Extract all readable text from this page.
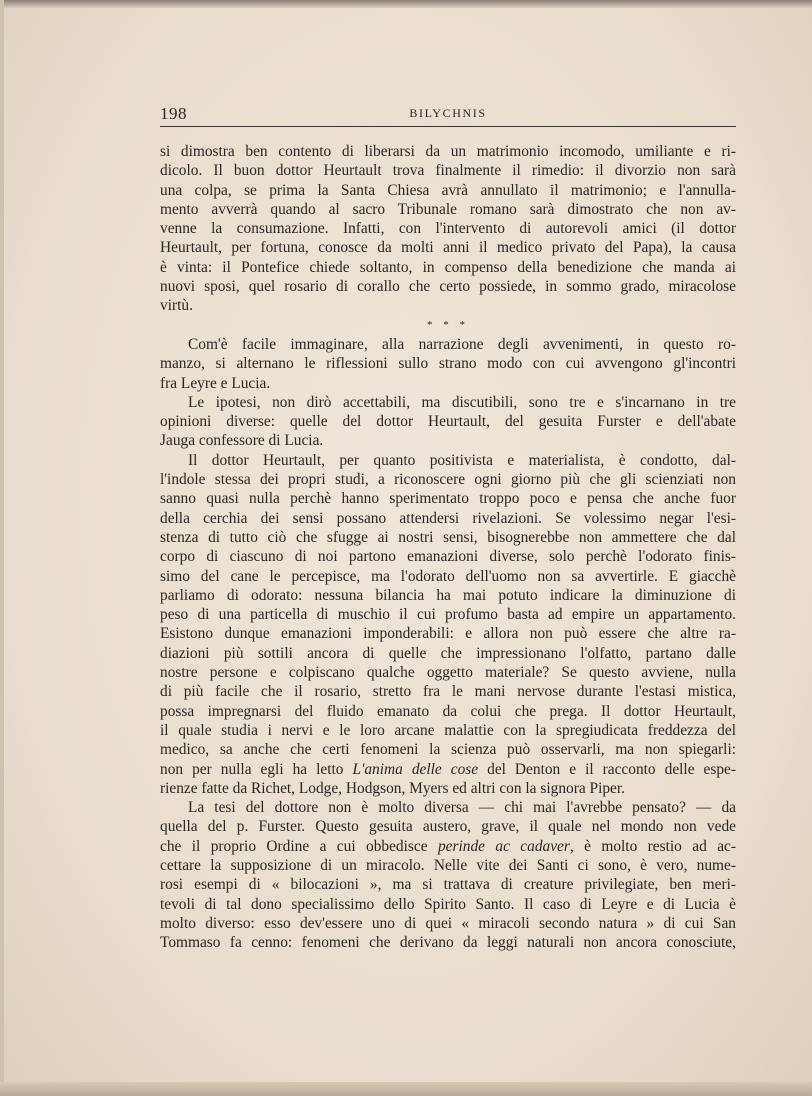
198	BILYCHNIS
si dimostra ben contento di liberarsi da un matrimonio incomodo, umiliante e ri-
dicolo. Il buon dottor Heurtault trova finalmente il rimedio: il divorzio non sarà
una colpa, se prima la Santa Chiesa avrà annullato il matrimonio; e l'annulla-
mento avverrà quando al sacro Tribunale romano sarà dimostrato che non av-
venne la consumazione. Infatti, con l'intervento di autorevoli amici (il dottor
Heurtault, per fortuna, conosce da molti anni il medico privato del Papa), la causa
è vinta: il Pontefice chiede soltanto, in compenso della benedizione che manda ai
nuovi sposi, quel rosario di corallo che certo possiede, in sommo grado, miracolose
virtù.
* * *
Com'è facile immaginare, alla narrazione degli avvenimenti, in questo ro-
manzo, si alternano le riflessioni sullo strano modo con cui avvengono gl'incontri
fra Leyre e Lucia.
Le ipotesi, non dirò accettabili, ma discutibili, sono tre e s'incarnano in tre
opinioni diverse: quelle del dottor Heurtault, del gesuita Furster e dell'abate
Jauga confessore di Lucia.
Il dottor Heurtault, per quanto positivista e materialista, è condotto, dal-
l'indole stessa dei propri studi, a riconoscere ogni giorno più che gli scienziati non
sanno quasi nulla perchè hanno sperimentato troppo poco e pensa che anche fuor
della cerchia dei sensi possano attendersi rivelazioni. Se volessimo negar l'esi-
stenza di tutto ciò che sfugge ai nostri sensi, bisognerebbe non ammettere che dal
corpo di ciascuno di noi partono emanazioni diverse, solo perchè l'odorato finis-
simo del cane le percepisce, ma l'odorato dell'uomo non sa avvertirle. E giacchè
parliamo di odorato: nessuna bilancia ha mai potuto indicare la diminuzione di
peso di una particella di muschio il cui profumo basta ad empire un appartamento.
Esistono dunque emanazioni imponderabili: e allora non può essere che altre ra-
diazioni più sottili ancora di quelle che impressionano l'olfatto, partano dalle
nostre persone e colpiscano qualche oggetto materiale? Se questo avviene, nulla
di più facile che il rosario, stretto fra le mani nervose durante l'estasi mistica,
possa impregnarsi del fluido emanato da colui che prega. Il dottor Heurtault,
il quale studia i nervi e le loro arcane malattie con la spregiudicata freddezza del
medico, sa anche che certi fenomeni la scienza può osservarli, ma non spiegarli:
non per nulla egli ha letto L'anima delle cose del Denton e il racconto delle espe-
rienze fatte da Richet, Lodge, Hodgson, Myers ed altri con la signora Piper.
La tesi del dottore non è molto diversa — chi mai l'avrebbe pensato? — da
quella del p. Furster. Questo gesuita austero, grave, il quale nel mondo non vede
che il proprio Ordine a cui obbedisce perinde ac cadaver, è molto restio ad ac-
cettare la supposizione di un miracolo. Nelle vite dei Santi ci sono, è vero, nume-
rosi esempi di « bilocazioni », ma si trattava di creature privilegiate, ben meri-
tevoli di tal dono specialissimo dello Spirito Santo. Il caso di Leyre e di Lucia è
molto diverso: esso dev'essere uno di quei « miracoli secondo natura » di cui San
Tommaso fa cenno: fenomeni che derivano da leggi naturali non ancora conosciute,
